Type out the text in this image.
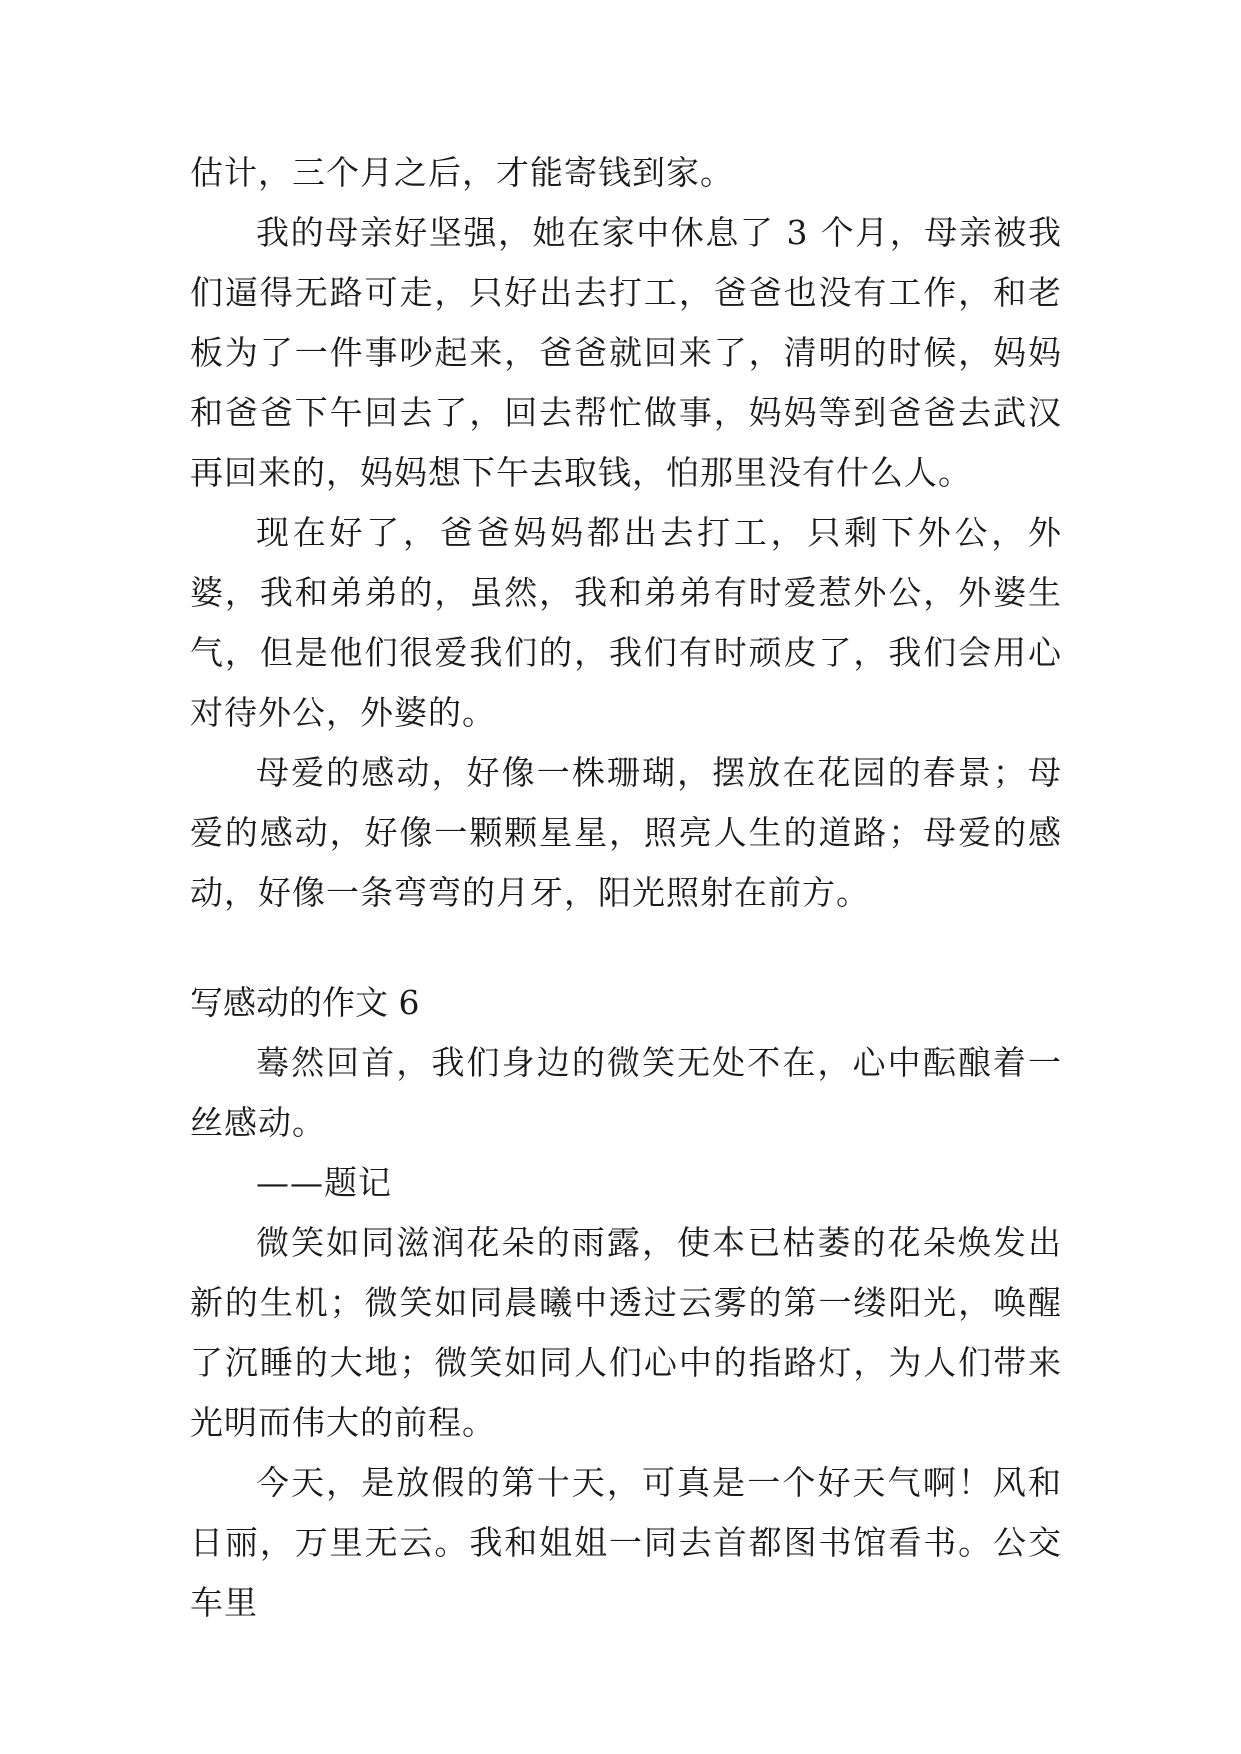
估计，三个月之后，才能寄钱到家。

我的母亲好坚强，她在家中休息了 3 个月，母亲被我们逼得无路可走，只好出去打工，爸爸也没有工作，和老板为了一件事吵起来，爸爸就回来了，清明的时候，妈妈和爸爸下午回去了，回去帮忙做事，妈妈等到爸爸去武汉再回来的，妈妈想下午去取钱，怕那里没有什么人。

现在好了，爸爸妈妈都出去打工，只剩下外公，外婆，我和弟弟的，虽然，我和弟弟有时爱惹外公，外婆生气，但是他们很爱我们的，我们有时顽皮了，我们会用心对待外公，外婆的。

母爱的感动，好像一株珊瑚，摆放在花园的春景；母爱的感动，好像一颗颗星星，照亮人生的道路；母爱的感动，好像一条弯弯的月牙，阳光照射在前方。

写感动的作文 6

蓦然回首，我们身边的微笑无处不在，心中酝酿着一丝感动。

——题记

微笑如同滋润花朵的雨露，使本已枯萎的花朵焕发出新的生机；微笑如同晨曦中透过云雾的第一缕阳光，唤醒了沉睡的大地；微笑如同人们心中的指路灯，为人们带来光明而伟大的前程。

今天，是放假的第十天，可真是一个好天气啊！风和日丽，万里无云。我和姐姐一同去首都图书馆看书。公交车里
